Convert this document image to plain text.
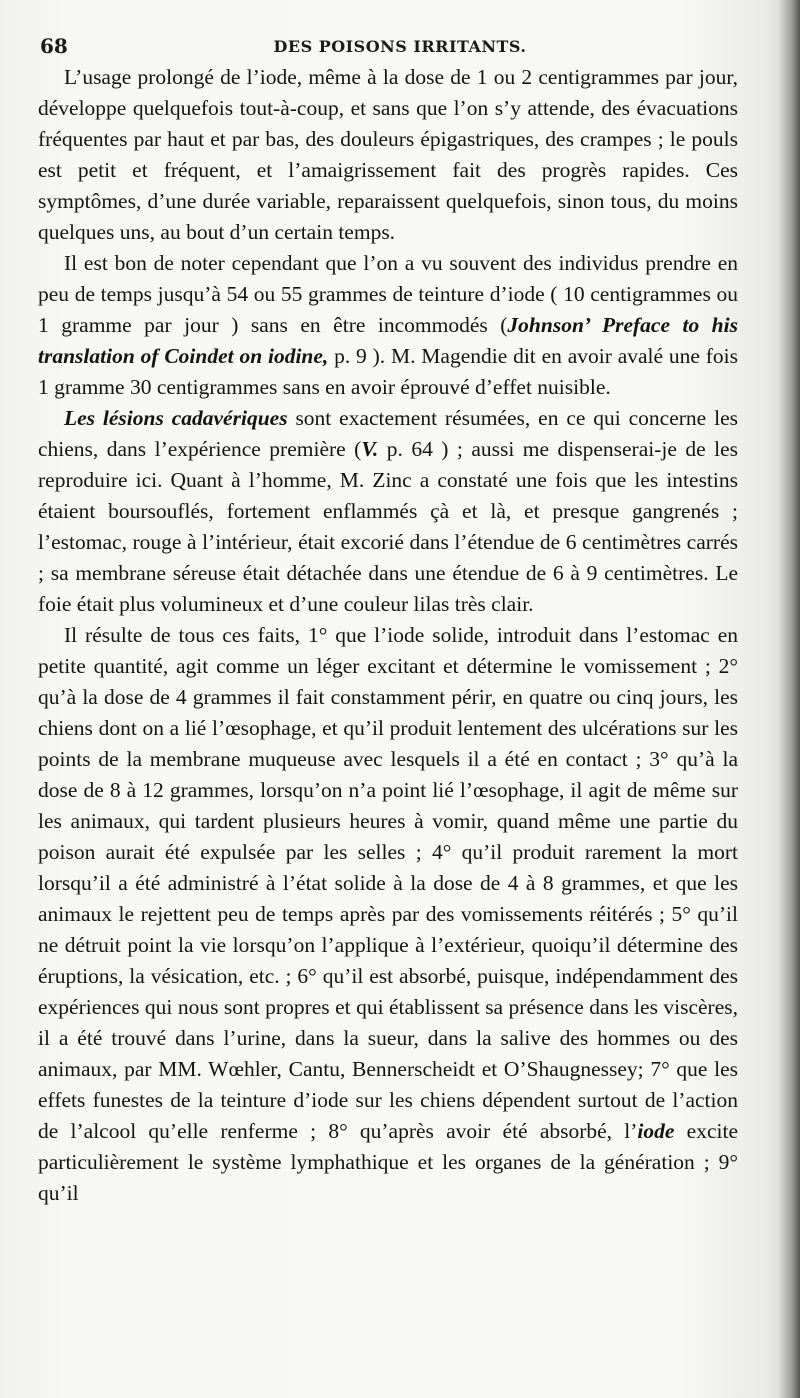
68	DES POISONS IRRITANTS.

L’usage prolongé de l’iode, même à la dose de 1 ou 2 centigrammes par jour, développe quelquefois tout-à-coup, et sans que l’on s’y attende, des évacuations fréquentes par haut et par bas, des douleurs épigastriques, des crampes ; le pouls est petit et fréquent, et l’amaigrissement fait des progrès rapides. Ces symptômes, d’une durée variable, reparaissent quelquefois, sinon tous, du moins quelques uns, au bout d’un certain temps.

Il est bon de noter cependant que l’on a vu souvent des individus prendre en peu de temps jusqu’à 54 ou 55 grammes de teinture d’iode ( 10 centigrammes ou 1 gramme par jour ) sans en être incommodés (Johnson’ Preface to his translation of Coindet on iodine, p. 9 ). M. Magendie dit en avoir avalé une fois 1 gramme 30 centigrammes sans en avoir éprouvé d’effet nuisible.

Les lésions cadavériques sont exactement résumées, en ce qui concerne les chiens, dans l’expérience première (V. p. 64 ) ; aussi me dispenserai-je de les reproduire ici. Quant à l’homme, M. Zinc a constaté une fois que les intestins étaient boursouflés, fortement enflammés çà et là, et presque gangrenés ; l’estomac, rouge à l’intérieur, était excorié dans l’étendue de 6 centimètres carrés ; sa membrane séreuse était détachée dans une étendue de 6 à 9 centimètres. Le foie était plus volumineux et d’une couleur lilas très clair.

Il résulte de tous ces faits, 1° que l’iode solide, introduit dans l’estomac en petite quantité, agit comme un léger excitant et détermine le vomissement ; 2° qu’à la dose de 4 grammes il fait constamment périr, en quatre ou cinq jours, les chiens dont on a lié l’œsophage, et qu’il produit lentement des ulcérations sur les points de la membrane muqueuse avec lesquels il a été en contact ; 3° qu’à la dose de 8 à 12 grammes, lorsqu’on n’a point lié l’œsophage, il agit de même sur les animaux, qui tardent plusieurs heures à vomir, quand même une partie du poison aurait été expulsée par les selles ; 4° qu’il produit rarement la mort lorsqu’il a été administré à l’état solide à la dose de 4 à 8 grammes, et que les animaux le rejettent peu de temps après par des vomissements réitérés ; 5° qu’il ne détruit point la vie lorsqu’on l’applique à l’extérieur, quoiqu’il détermine des éruptions, la vésication, etc. ; 6° qu’il est absorbé, puisque, indépendamment des expériences qui nous sont propres et qui établissent sa présence dans les viscères, il a été trouvé dans l’urine, dans la sueur, dans la salive des hommes ou des animaux, par MM. Wœhler, Cantu, Bennerscheidt et O’Shaugnessey; 7° que les effets funestes de la teinture d’iode sur les chiens dépendent surtout de l’action de l’alcool qu’elle renferme ; 8° qu’après avoir été absorbé, l’iode excite particulièrement le système lymphathique et les organes de la génération ; 9° qu’il
